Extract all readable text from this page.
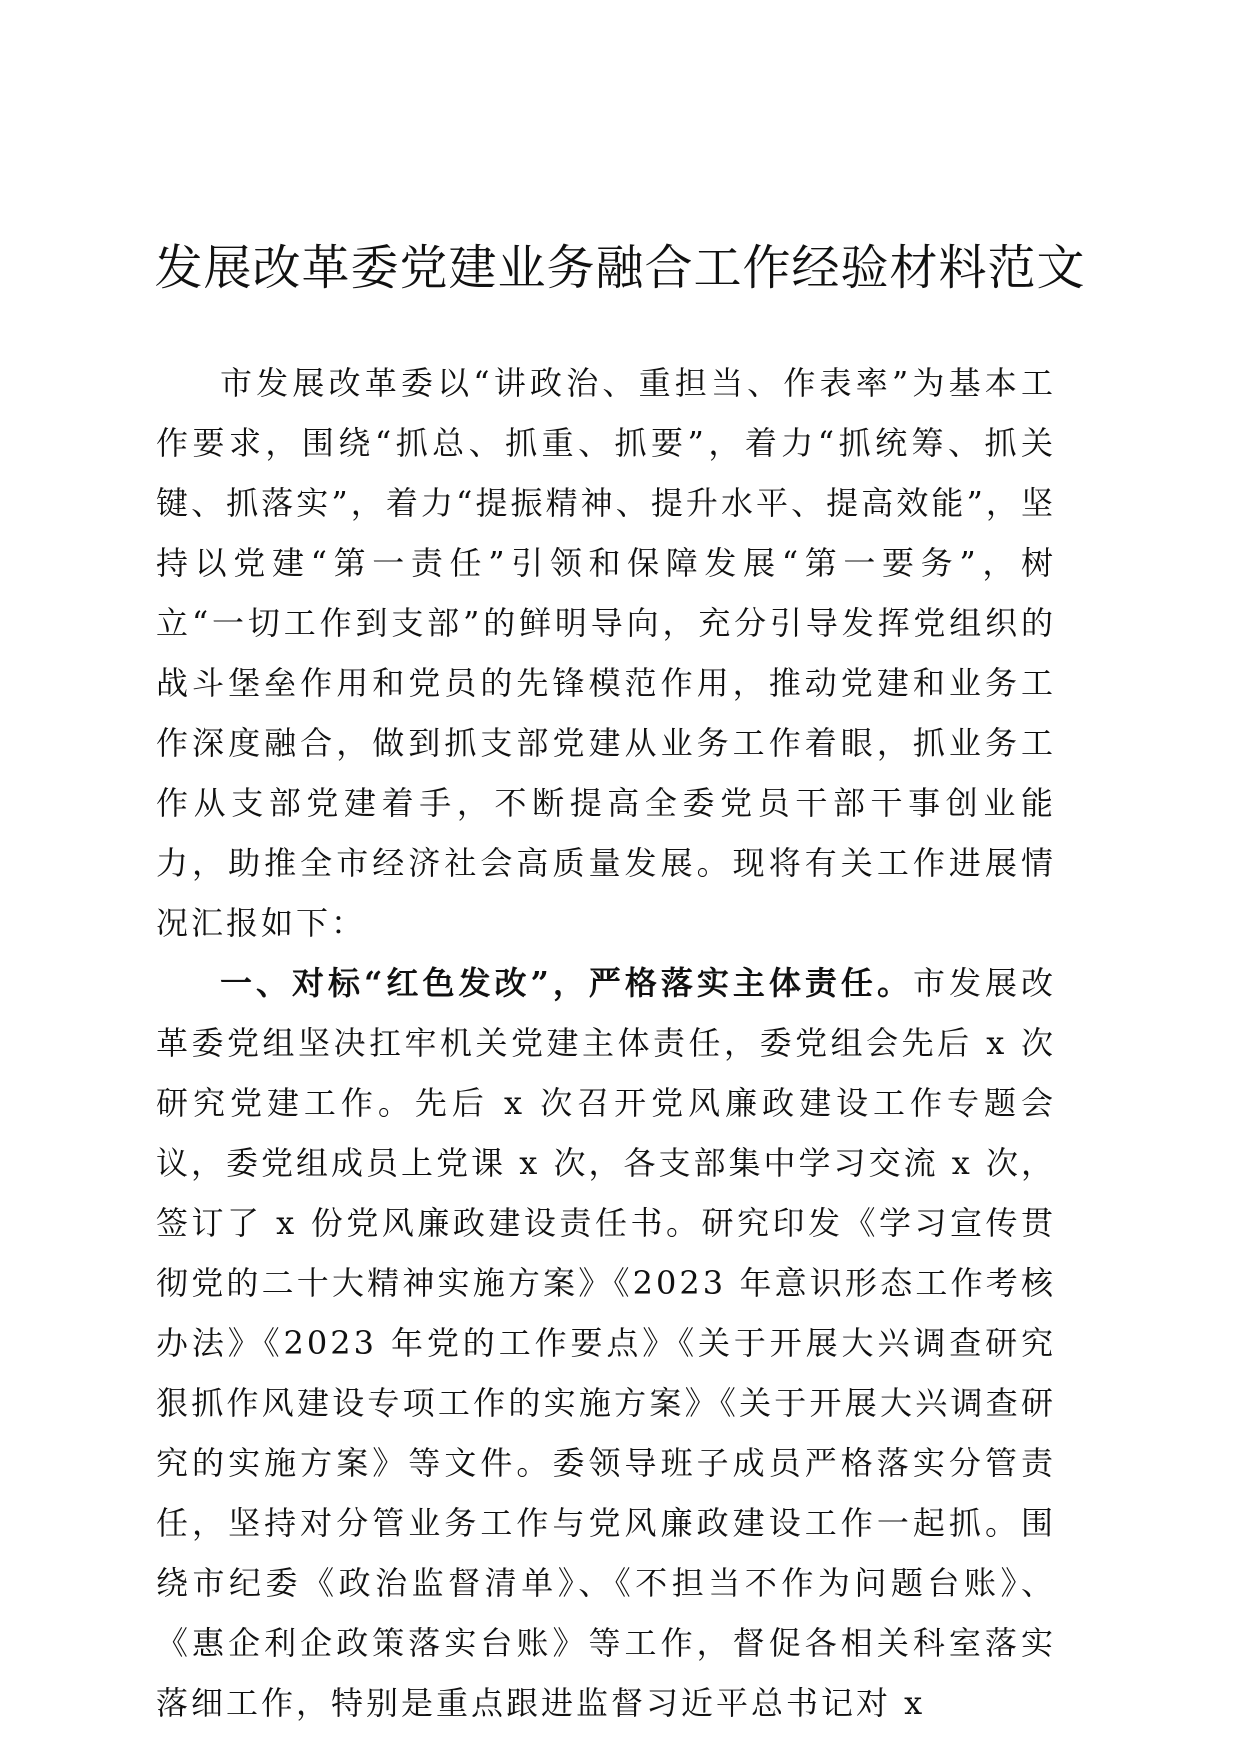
发展改革委党建业务融合工作经验材料范文

市发展改革委以“讲政治、重担当、作表率”为基本工作要求，围绕“抓总、抓重、抓要”，着力“抓统筹、抓关键、抓落实”，着力“提振精神、提升水平、提高效能”，坚持以党建“第一责任”引领和保障发展“第一要务”，树立“一切工作到支部”的鲜明导向，充分引导发挥党组织的战斗堡垒作用和党员的先锋模范作用，推动党建和业务工作深度融合，做到抓支部党建从业务工作着眼，抓业务工作从支部党建着手，不断提高全委党员干部干事创业能力，助推全市经济社会高质量发展。现将有关工作进展情况汇报如下：

一、对标“红色发改”，严格落实主体责任。市发展改革委党组坚决扛牢机关党建主体责任，委党组会先后 x 次研究党建工作。先后 x 次召开党风廉政建设工作专题会议，委党组成员上党课 x 次，各支部集中学习交流 x 次，签订了 x 份党风廉政建设责任书。研究印发《学习宣传贯彻党的二十大精神实施方案》《2023 年意识形态工作考核办法》《2023 年党的工作要点》《关于开展大兴调查研究狠抓作风建设专项工作的实施方案》《关于开展大兴调查研究的实施方案》等文件。委领导班子成员严格落实分管责任，坚持对分管业务工作与党风廉政建设工作一起抓。围绕市纪委《政治监督清单》、《不担当不作为问题台账》、《惠企利企政策落实台账》等工作，督促各相关科室落实落细工作，特别是重点跟进监督习近平总书记对 x
